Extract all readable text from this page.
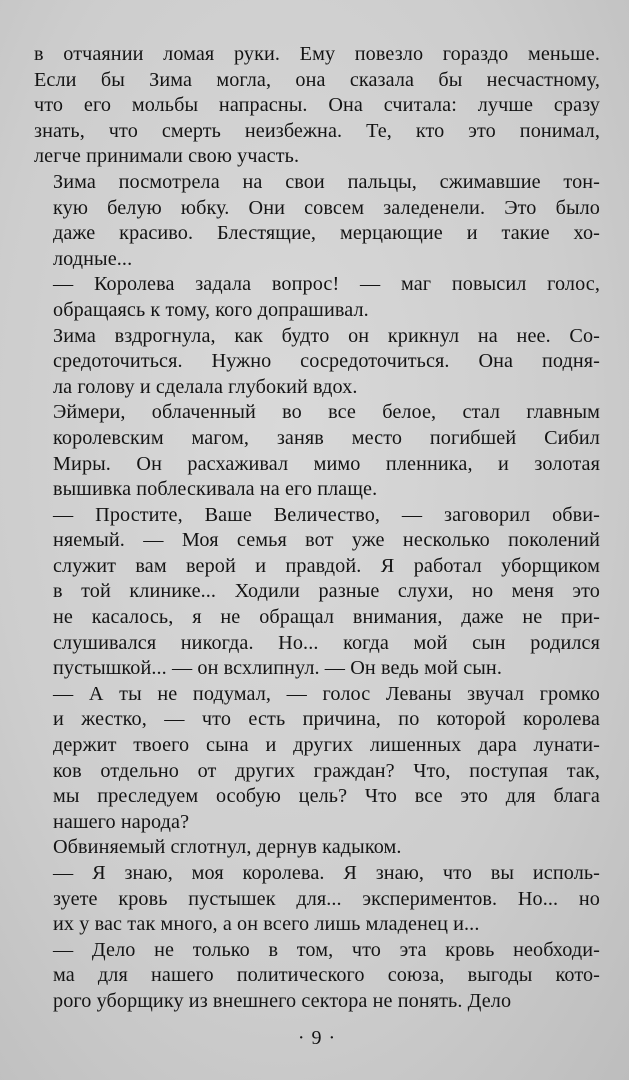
в отчаянии ломая руки. Ему повезло гораздо меньше.
Если бы Зима могла, она сказала бы несчастному,
что его мольбы напрасны. Она считала: лучше сразу
знать, что смерть неизбежна. Те, кто это понимал,
легче принимали свою участь.

Зима посмотрела на свои пальцы, сжимавшие тон-
кую белую юбку. Они совсем заледенели. Это было
даже красиво. Блестящие, мерцающие и такие хо-
лодные...

— Королева задала вопрос! — маг повысил голос,
обращаясь к тому, кого допрашивал.

Зима вздрогнула, как будто он крикнул на нее. Со-
средоточиться. Нужно сосредоточиться. Она подня-
ла голову и сделала глубокий вдох.

Эймери, облаченный во все белое, стал главным
королевским магом, заняв место погибшей Сибил
Миры. Он расхаживал мимо пленника, и золотая
вышивка поблескивала на его плаще.

— Простите, Ваше Величество, — заговорил обви-
няемый. — Моя семья вот уже несколько поколений
служит вам верой и правдой. Я работал уборщиком
в той клинике... Ходили разные слухи, но меня это
не касалось, я не обращал внимания, даже не при-
слушивался никогда. Но... когда мой сын родился
пустышкой... — он всхлипнул. — Он ведь мой сын.

— А ты не подумал, — голос Леваны звучал громко
и жестко, — что есть причина, по которой королева
держит твоего сына и других лишенных дара лунати-
ков отдельно от других граждан? Что, поступая так,
мы преследуем особую цель? Что все это для блага
нашего народа?

Обвиняемый сглотнул, дернув кадыком.

— Я знаю, моя королева. Я знаю, что вы исполь-
зуете кровь пустышек для... экспериментов. Но... но
их у вас так много, а он всего лишь младенец и...

— Дело не только в том, что эта кровь необходи-
ма для нашего политического союза, выгоды кото-
рого уборщику из внешнего сектора не понять. Дело

· 9 ·
